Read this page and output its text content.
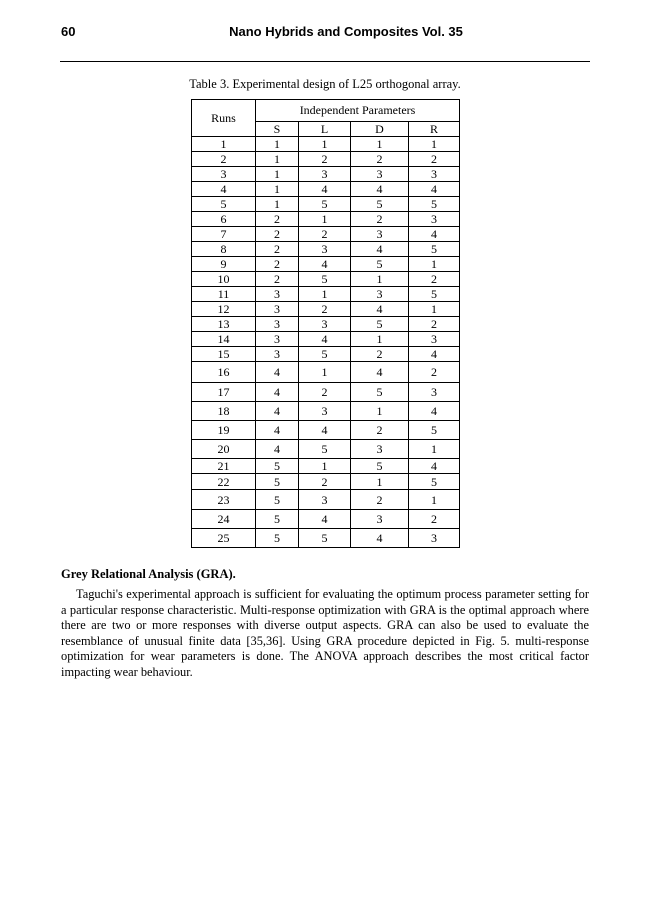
60	Nano Hybrids and Composites Vol. 35
Table 3. Experimental design of L25 orthogonal array.
Runs	Independent Parameters			
	S	L	D	R
1	1	1	1	1
2	1	2	2	2
3	1	3	3	3
4	1	4	4	4
5	1	5	5	5
6	2	1	2	3
7	2	2	3	4
8	2	3	4	5
9	2	4	5	1
10	2	5	1	2
11	3	1	3	5
12	3	2	4	1
13	3	3	5	2
14	3	4	1	3
15	3	5	2	4
16	4	1	4	2
17	4	2	5	3
18	4	3	1	4
19	4	4	2	5
20	4	5	3	1
21	5	1	5	4
22	5	2	1	5
23	5	3	2	1
24	5	4	3	2
25	5	5	4	3
Grey Relational Analysis (GRA).

Taguchi's experimental approach is sufficient for evaluating the optimum process parameter setting for a particular response characteristic. Multi-response optimization with GRA is the optimal approach where there are two or more responses with diverse output aspects. GRA can also be used to evaluate the resemblance of unusual finite data [35,36]. Using GRA procedure depicted in Fig. 5. multi-response optimization for wear parameters is done. The ANOVA approach describes the most critical factor impacting wear behaviour.
